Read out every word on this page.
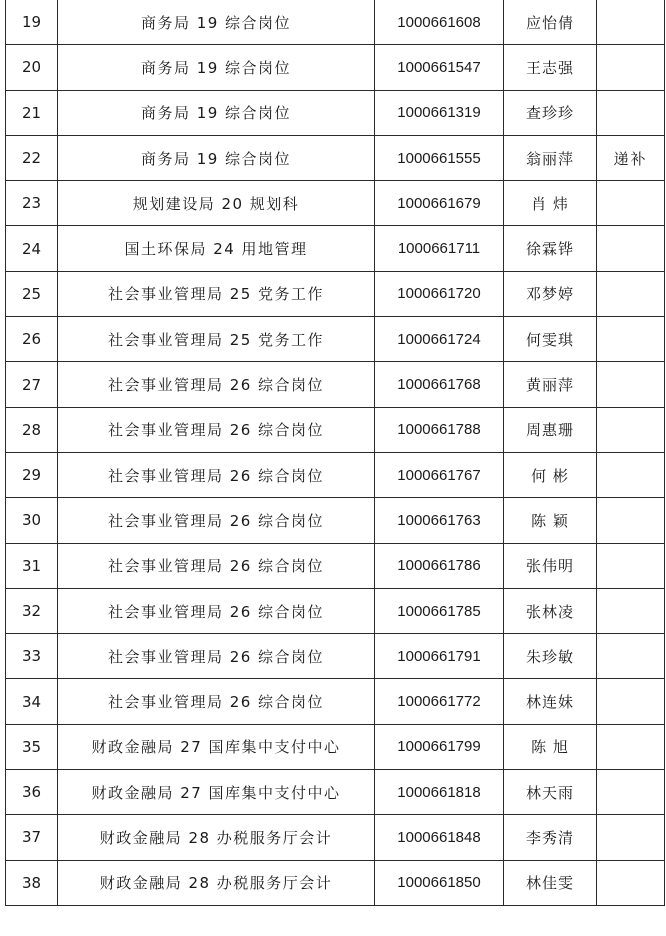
19	商务局 19 综合岗位	1000661608	应怡倩	
20	商务局 19 综合岗位	1000661547	王志强	
21	商务局 19 综合岗位	1000661319	查珍珍	
22	商务局 19 综合岗位	1000661555	翁丽萍	递补
23	规划建设局 20 规划科	1000661679	肖 炜	
24	国土环保局 24 用地管理	1000661711	徐霖铧	
25	社会事业管理局 25 党务工作	1000661720	邓梦婷	
26	社会事业管理局 25 党务工作	1000661724	何雯琪	
27	社会事业管理局 26 综合岗位	1000661768	黄丽萍	
28	社会事业管理局 26 综合岗位	1000661788	周惠珊	
29	社会事业管理局 26 综合岗位	1000661767	何 彬	
30	社会事业管理局 26 综合岗位	1000661763	陈 颖	
31	社会事业管理局 26 综合岗位	1000661786	张伟明	
32	社会事业管理局 26 综合岗位	1000661785	张林凌	
33	社会事业管理局 26 综合岗位	1000661791	朱珍敏	
34	社会事业管理局 26 综合岗位	1000661772	林连妹	
35	财政金融局 27 国库集中支付中心	1000661799	陈 旭	
36	财政金融局 27 国库集中支付中心	1000661818	林天雨	
37	财政金融局 28 办税服务厅会计	1000661848	李秀清	
38	财政金融局 28 办税服务厅会计	1000661850	林佳雯	
